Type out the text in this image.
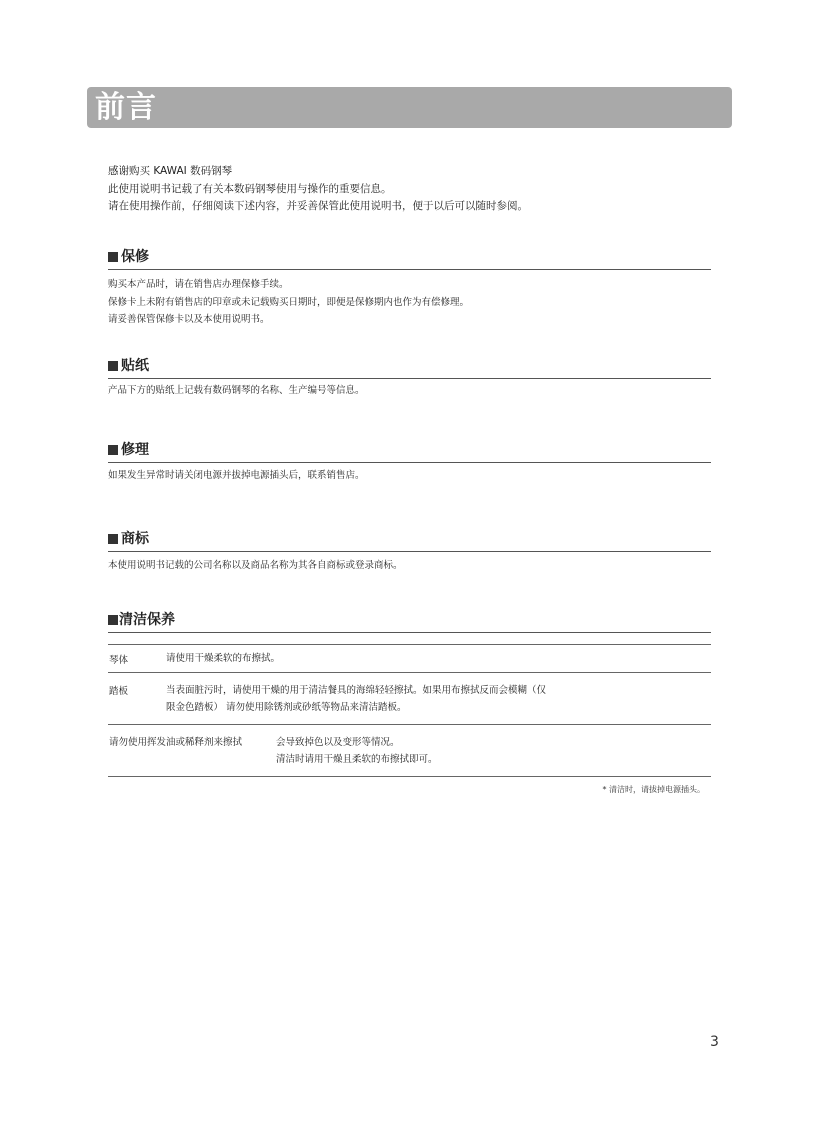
前言

感谢购买 KAWAI 数码钢琴

此使用说明书记载了有关本数码钢琴使用与操作的重要信息。

请在使用操作前，仔细阅读下述内容，并妥善保管此使用说明书，便于以后可以随时参阅。

保修

购买本产品时，请在销售店办理保修手续。

保修卡上未附有销售店的印章或未记载购买日期时，即便是保修期内也作为有偿修理。

请妥善保管保修卡以及本使用说明书。

贴纸

产品下方的贴纸上记载有数码钢琴的名称、生产编号等信息。

修理

如果发生异常时请关闭电源并拔掉电源插头后，联系销售店。

商标

本使用说明书记载的公司名称以及商品名称为其各自商标或登录商标。

清洁保养
琴体	请使用干燥柔软的布擦拭。
踏板	当表面脏污时，请使用干燥的用于清洁餐具的海绵轻轻擦拭。如果用布擦拭反而会模糊（仅
限金色踏板） 请勿使用除锈剂或砂纸等物品来清洁踏板。
请勿使用挥发油或稀释剂来擦拭	会导致掉色以及变形等情况。
清洁时请用干燥且柔软的布擦拭即可。
* 清洁时，请拔掉电源插头。
3
